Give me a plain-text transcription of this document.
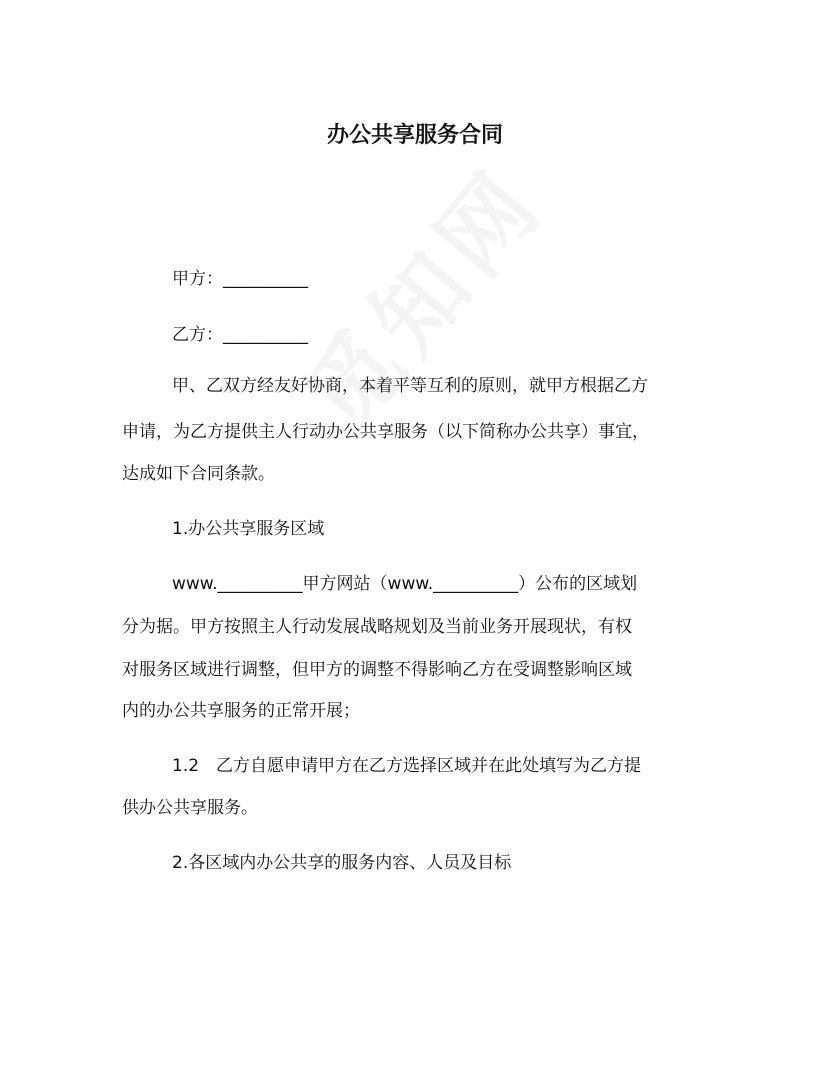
办公共享服务合同

甲方：__________

乙方：__________

甲、乙双方经友好协商，本着平等互利的原则，就甲方根据乙方

申请，为乙方提供主人行动办公共享服务（以下简称办公共享）事宜，

达成如下合同条款。

1.办公共享服务区域

www.__________甲方网站（www.__________）公布的区域划

分为据。甲方按照主人行动发展战略规划及当前业务开展现状，有权

对服务区域进行调整，但甲方的调整不得影响乙方在受调整影响区域

内的办公共享服务的正常开展；

1.2　乙方自愿申请甲方在乙方选择区域并在此处填写为乙方提

供办公共享服务。

2.各区域内办公共享的服务内容、人员及目标
